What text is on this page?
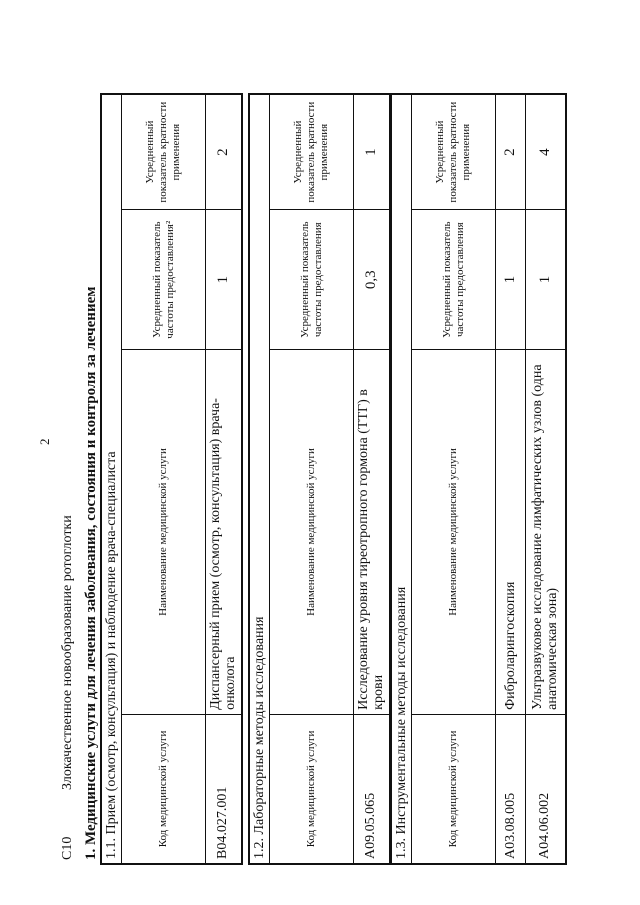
2
C10
Злокачественное новообразование ротоглотки 1. Медицинские услуги для лечения заболевания, состояния и контроля за лечением 1.1. Прием (осмотр, консультация) и наблюдение врача-специалиста			
Код медицинской услуги	Наименование медицинской услуги	Усредненный показатель частоты предоставления²	Усредненный показатель кратности применения
B04.027.001	Диспансерный прием (осмотр, консультация) врача-онколога	1	2
1.2. Лабораторные методы исследования			
Код медицинской услуги	Наименование медицинской услуги	Усредненный показатель частоты предоставления	Усредненный показатель кратности применения
A09.05.065	Исследование уровня тиреотропного гормона (ТТГ) в крови	0,3	1
1.3. Инструментальные методы исследования			
Код медицинской услуги	Наименование медицинской услуги	Усредненный показатель частоты предоставления	Усредненный показатель кратности применения
A03.08.005	Фиброларингоскопия	1	2
A04.06.002	Ультразвуковое исследование лимфатических узлов (одна анатомическая зона)	1	4
